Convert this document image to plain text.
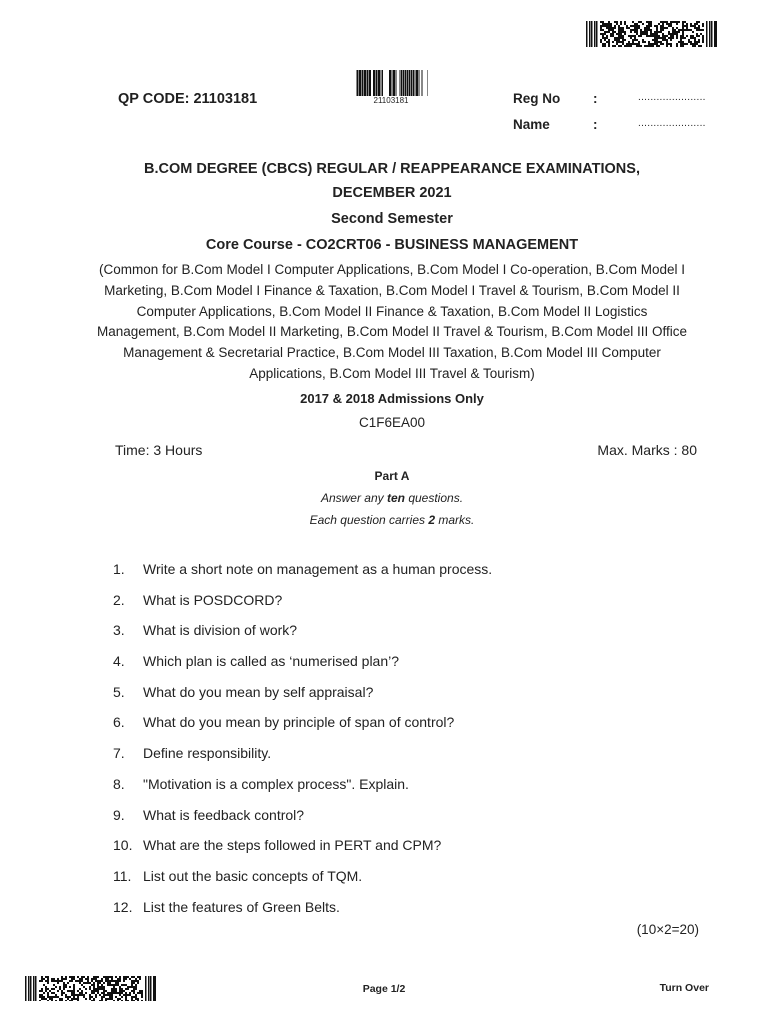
QP CODE: 21103181	21103181	Reg No :	......................
Name	:	......................
B.COM DEGREE (CBCS) REGULAR / REAPPEARANCE EXAMINATIONS,
DECEMBER 2021
Second Semester
Core Course - CO2CRT06 - BUSINESS MANAGEMENT
(Common for B.Com Model I Computer Applications, B.Com Model I Co-operation, B.Com Model I
Marketing, B.Com Model I Finance & Taxation, B.Com Model I Travel & Tourism, B.Com Model II
Computer Applications, B.Com Model II Finance & Taxation, B.Com Model II Logistics
Management, B.Com Model II Marketing, B.Com Model II Travel & Tourism, B.Com Model III Office
Management & Secretarial Practice, B.Com Model III Taxation, B.Com Model III Computer
Applications, B.Com Model III Travel & Tourism)
2017 & 2018 Admissions Only
C1F6EA00
Time: 3 Hours	Max. Marks : 80
Part A
Answer any ten questions.
Each question carries 2 marks.
1.	Write a short note on management as a human process.
2.	What is POSDCORD?
3.	What is division of work?
4.	Which plan is called as ‘numerised plan’?
5.	What do you mean by self appraisal?
6.	What do you mean by principle of span of control?
7.	Define responsibility.
8.	"Motivation is a complex process". Explain.
9.	What is feedback control?
10. What are the steps followed in PERT and CPM?
11. List out the basic concepts of TQM.
12. List the features of Green Belts.
(10×2=20)
Page 1/2	Turn Over
